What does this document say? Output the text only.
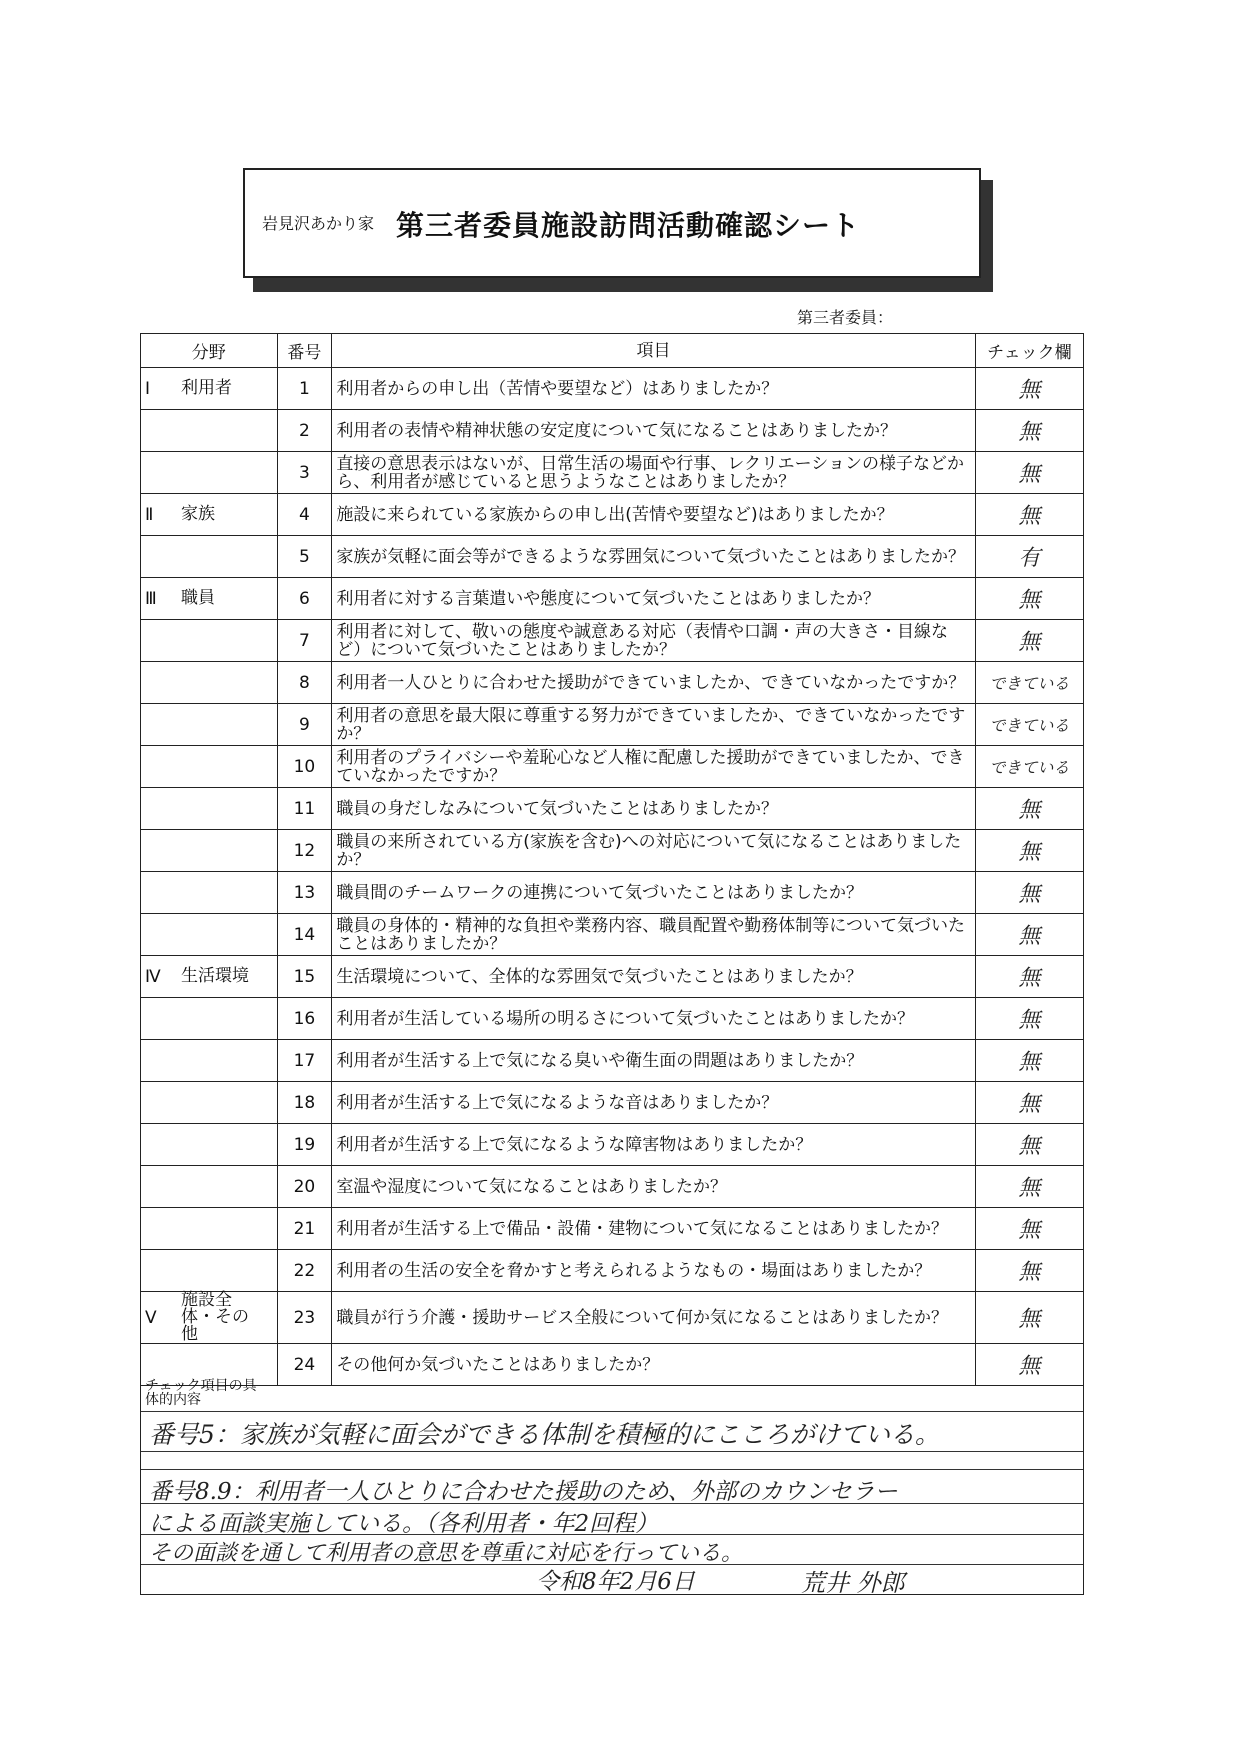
岩見沢あかり家 第三者委員施設訪問活動確認シート
第三者委員：
分野	番号	項目	チェック欄
Ⅰ 利用者	1	利用者からの申し出（苦情や要望など）はありましたか？	無
	2	利用者の表情や精神状態の安定度について気になることはありましたか？	無
	3	直接の意思表示はないが、日常生活の場面や行事、レクリエーションの様子などから、利用者が感じていると思うようなことはありましたか？	無
Ⅱ 家族	4	施設に来られている家族からの申し出(苦情や要望など)はありましたか？	無
	5	家族が気軽に面会等ができるような雰囲気について気づいたことはありましたか？	有
Ⅲ 職員	6	利用者に対する言葉遣いや態度について気づいたことはありましたか？	無
	7	利用者に対して、敬いの態度や誠意ある対応（表情や口調・声の大きさ・目線など）について気づいたことはありましたか？	無
	8	利用者一人ひとりに合わせた援助ができていましたか、できていなかったですか？	できている
	9	利用者の意思を最大限に尊重する努力ができていましたか、できていなかったですか？	できている
	10	利用者のプライバシーや羞恥心など人権に配慮した援助ができていましたか、できていなかったですか？	できている
	11	職員の身だしなみについて気づいたことはありましたか？	無
	12	職員の来所されている方(家族を含む)への対応について気になることはありましたか？	無
	13	職員間のチームワークの連携について気づいたことはありましたか？	無
	14	職員の身体的・精神的な負担や業務内容、職員配置や勤務体制等について気づいたことはありましたか？	無
Ⅳ 生活環境	15	生活環境について、全体的な雰囲気で気づいたことはありましたか？	無
	16	利用者が生活している場所の明るさについて気づいたことはありましたか？	無
	17	利用者が生活する上で気になる臭いや衛生面の問題はありましたか？	無
	18	利用者が生活する上で気になるような音はありましたか？	無
	19	利用者が生活する上で気になるような障害物はありましたか？	無
	20	室温や湿度について気になることはありましたか？	無
	21	利用者が生活する上で備品・設備・建物について気になることはありましたか？	無
	22	利用者の生活の安全を脅かすと考えられるようなもの・場面はありましたか？	無
Ⅴ施設全体・その他	23	職員が行う介護・援助サービス全般について何か気になることはありましたか？	無
	24	その他何か気づいたことはありましたか？	無
チェック項目の具体的内容
番号5：家族が気軽に面会ができる体制を積極的にこころがけている。
番号8.9：利用者一人ひとりに合わせた援助のため、外部のカウンセラー
による面談実施している。（各利用者・年2回程）
その面談を通して利用者の意思を尊重に対応を行っている。
令和8年2月6日	荒井 外郎
